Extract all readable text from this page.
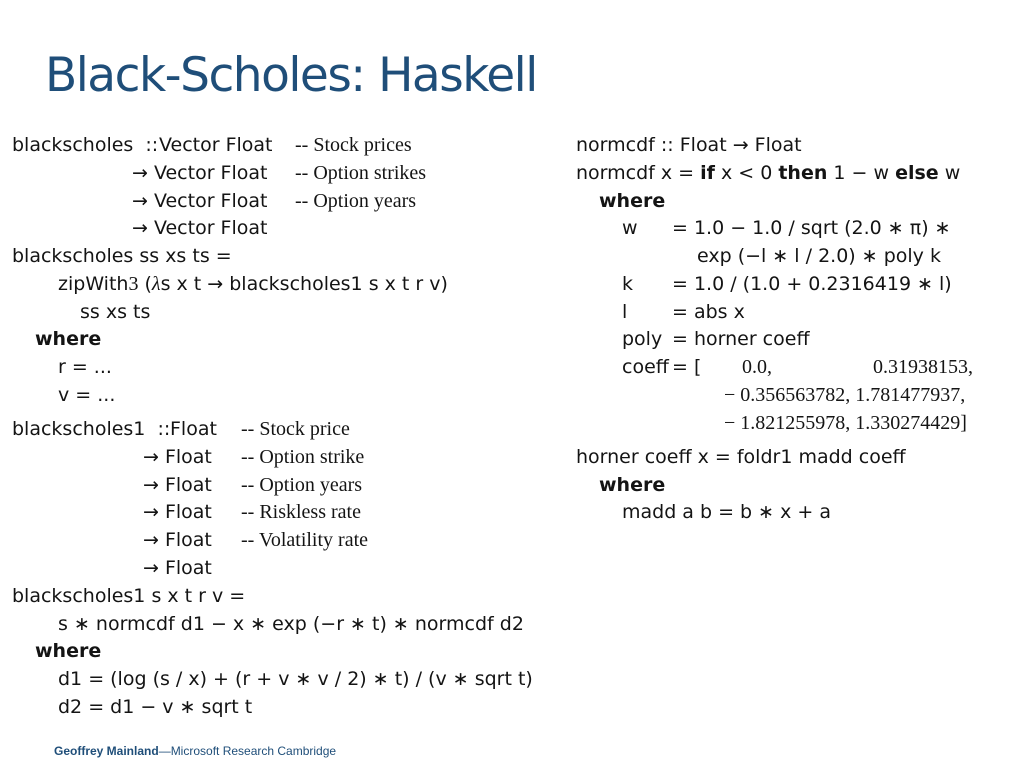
Black-Scholes: Haskell
blackscholes  :: Vector Float
→ Vector Float
→ Vector Float
→ Vector Float
-- Stock prices
-- Option strikes
-- Option years
blackscholes ss xs ts =
zipWith3 (λs x t → blackscholes1 s x t r v)
ss xs ts
where
r = ...
v = ...
blackscholes1  :: Float
→ Float
→ Float
→ Float
→ Float
→ Float
-- Stock price
-- Option strike
-- Option years
-- Riskless rate
-- Volatility rate
blackscholes1 s x t r v =
s ∗ normcdf d1 − x ∗ exp (−r ∗ t) ∗ normcdf d2
where
d1 = (log (s / x) + (r + v ∗ v / 2) ∗ t) / (v ∗ sqrt t)
d2 = d1 − v ∗ sqrt t
normcdf :: Float → Float
normcdf x = if x < 0 then 1 − w else w
where
w = 1.0 − 1.0 / sqrt (2.0 ∗ π) ∗
exp (−l ∗ l / 2.0) ∗ poly k
k = 1.0 / (1.0 + 0.2316419 ∗ l)
l = abs x
poly = horner coeff
coeff = [ 0.0,	0.31938153,
− 0.356563782, 1.781477937,
− 1.821255978, 1.330274429]
horner coeff x = foldr1 madd coeff
where
madd a b = b ∗ x + a
Geoffrey Mainland—Microsoft Research Cambridge
